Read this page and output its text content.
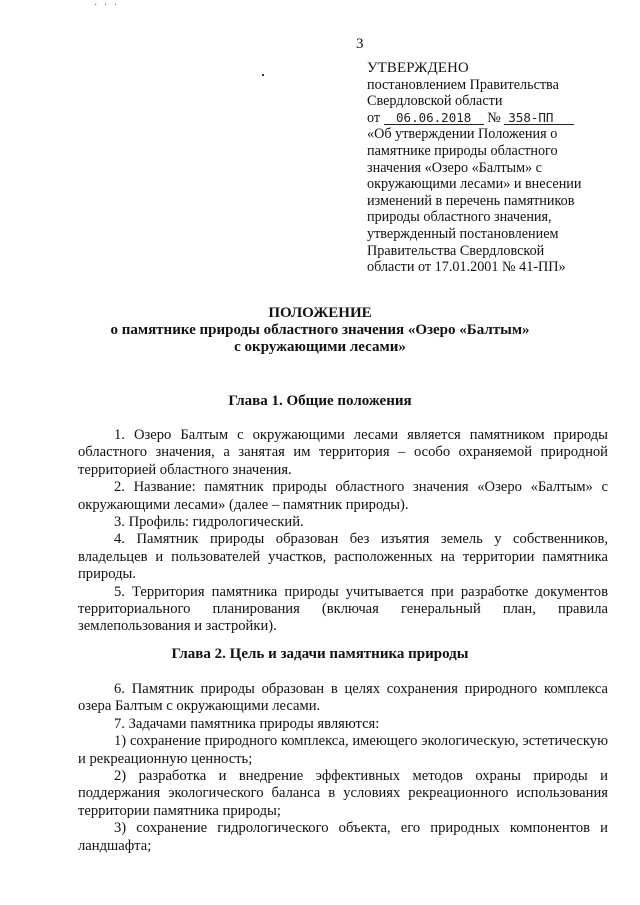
· · ·
3
УТВЕРЖДЕНО
постановлением Правительства
Свердловской области
от 06.06.2018 № 358-ПП
«Об утверждении Положения о
памятнике природы областного
значения «Озеро «Балтым» с
окружающими лесами» и внесении
изменений в перечень памятников
природы областного значения,
утвержденный постановлением
Правительства Свердловской
области от 17.01.2001 № 41-ПП»
ПОЛОЖЕНИЕ
о памятнике природы областного значения «Озеро «Балтым»
с окружающими лесами»
Глава 1. Общие положения

1. Озеро Балтым с окружающими лесами является памятником природы областного значения, а занятая им территория – особо охраняемой природной территорией областного значения.

2. Название: памятник природы областного значения «Озеро «Балтым» с окружающими лесами» (далее – памятник природы).

3. Профиль: гидрологический.

4. Памятник природы образован без изъятия земель у собственников, владельцев и пользователей участков, расположенных на территории памятника природы.

5. Территория памятника природы учитывается при разработке документов территориального планирования (включая генеральный план, правила землепользования и застройки).

Глава 2. Цель и задачи памятника природы

6. Памятник природы образован в целях сохранения природного комплекса озера Балтым с окружающими лесами.

7. Задачами памятника природы являются:

1) сохранение природного комплекса, имеющего экологическую, эстетическую и рекреационную ценность;

2) разработка и внедрение эффективных методов охраны природы и поддержания экологического баланса в условиях рекреационного использования территории памятника природы;

3) сохранение гидрологического объекта, его природных компонентов и ландшафта;
